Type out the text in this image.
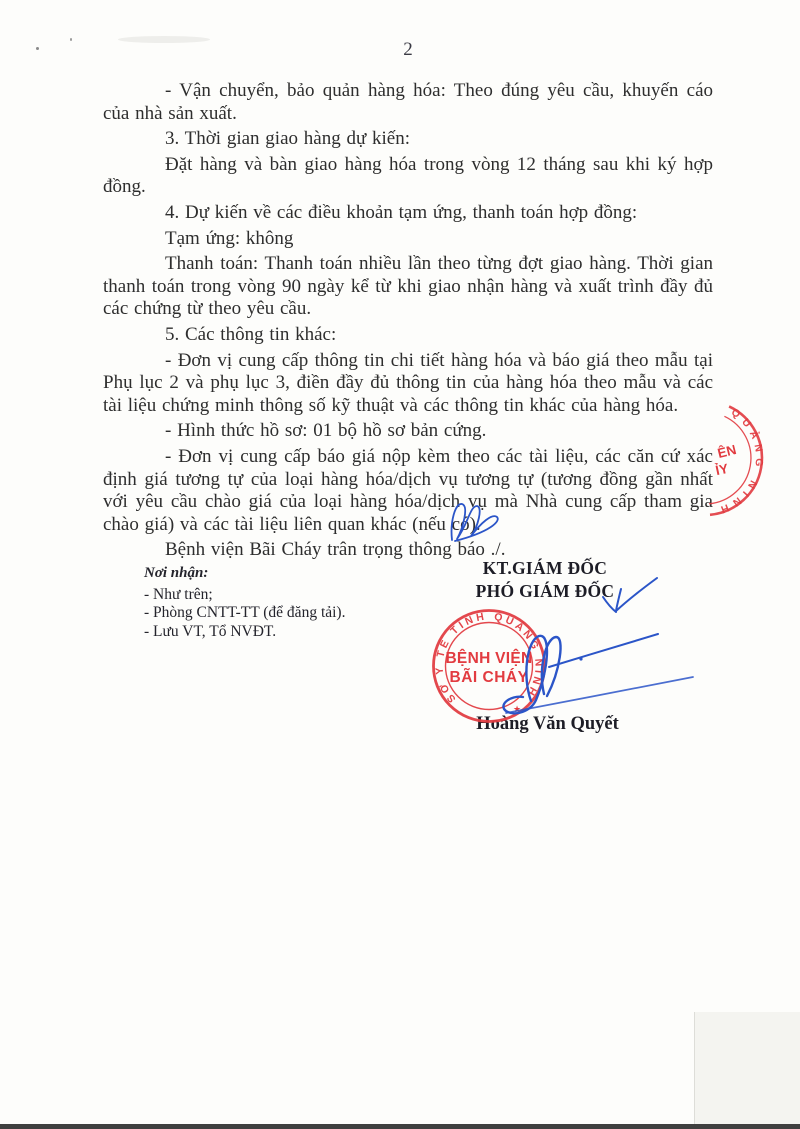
2

- Vận chuyển, bảo quản hàng hóa: Theo đúng yêu cầu, khuyến cáo của nhà sản xuất.

3. Thời gian giao hàng dự kiến:

Đặt hàng và bàn giao hàng hóa trong vòng 12 tháng sau khi ký hợp đồng.

4. Dự kiến về các điều khoản tạm ứng, thanh toán hợp đồng:

Tạm ứng: không

Thanh toán: Thanh toán nhiều lần theo từng đợt giao hàng. Thời gian thanh toán trong vòng 90 ngày kể từ khi giao nhận hàng và xuất trình đầy đủ các chứng từ theo yêu cầu.

5. Các thông tin khác:

- Đơn vị cung cấp thông tin chi tiết hàng hóa và báo giá theo mẫu tại Phụ lục 2 và phụ lục 3, điền đầy đủ thông tin của hàng hóa theo mẫu và các tài liệu chứng minh thông số kỹ thuật và các thông tin khác của hàng hóa.

- Hình thức hồ sơ: 01 bộ hồ sơ bản cứng.

- Đơn vị cung cấp báo giá nộp kèm theo các tài liệu, các căn cứ xác định giá tương tự của loại hàng hóa/dịch vụ tương tự (tương đồng gần nhất với yêu cầu chào giá của loại hàng hóa/dịch vụ mà Nhà cung cấp tham gia chào giá) và các tài liệu liên quan khác (nếu có).

Bệnh viện Bãi Cháy trân trọng thông báo ./.

Nơi nhận:
- Như trên;
- Phòng CNTT-TT (để đăng tải).
- Lưu VT, Tổ NVĐT.
KT.GIÁM ĐỐC
PHÓ GIÁM ĐỐC
Hoàng Văn Quyết
SỞ Y TẾ TỈNH QUẢNG NINH
BỆNH VIỆN
BÃI CHÁY
★
QUẢNG NINH
ÊN
ỈY
